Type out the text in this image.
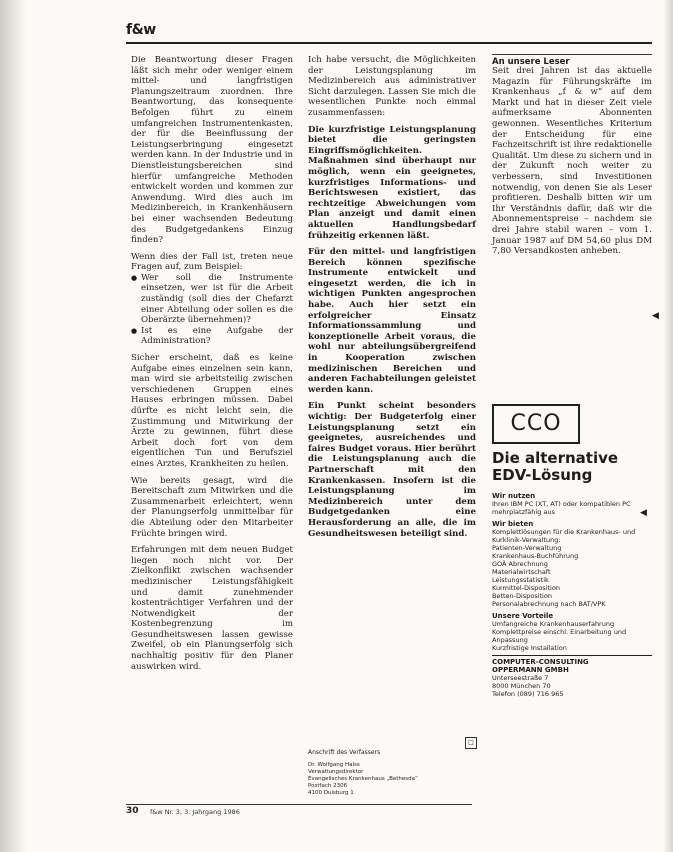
f&w

Die Beantwortung dieser Fragen läßt sich mehr oder weniger einem mittel- und langfristigen Planungszeitraum zuordnen. Ihre Beantwortung, das konsequente Befolgen führt zu einem umfangreichen Instrumentenkasten, der für die Beeinflussung der Leistungserbringung eingesetzt werden kann. In der Industrie und in Dienstleistungsbereichen sind hierfür umfangreiche Methoden entwickelt worden und kommen zur Anwendung. Wird dies auch im Medizinbereich, in Krankenhäusern bei einer wachsenden Bedeutung des Budgetgedankens Einzug finden?

Wenn dies der Fall ist, treten neue Fragen auf, zum Beispiel:

● Wer soll die Instrumente einsetzen, wer ist für die Arbeit zuständig (soll dies der Chefarzt einer Abteilung oder sollen es die Oberärzte übernehmen)?
● Ist es eine Aufgabe der Administration?

Sicher erscheint, daß es keine Aufgabe eines einzelnen sein kann, man wird sie arbeitsteilig zwischen verschiedenen Gruppen eines Hauses erbringen müssen. Dabei dürfte es nicht leicht sein, die Zustimmung und Mitwirkung der Ärzte zu gewinnen, führt diese Arbeit doch fort von dem eigentlichen Tun und Berufsziel eines Arztes, Krankheiten zu heilen.

Wie bereits gesagt, wird die Bereitschaft zum Mitwirken und die Zusammenarbeit erleichtert, wenn der Planungserfolg unmittelbar für die Abteilung oder den Mitarbeiter Früchte bringen wird.

Erfahrungen mit dem neuen Budget liegen noch nicht vor. Der Zielkonflikt zwischen wachsender medizinischer Leistungsfähigkeit und damit zunehmender kostenträchtiger Verfahren und der Notwendigkeit der Kostenbegrenzung im Gesundheitswesen lassen gewisse Zweifel, ob ein Planungserfolg sich nachhaltig positiv für den Planer auswirken wird.

Ich habe versucht, die Möglichkeiten der Leistungsplanung im Medizinbereich aus administrativer Sicht darzulegen. Lassen Sie mich die wesentlichen Punkte noch einmal zusammenfassen:

Die kurzfristige Leistungsplanung bietet die geringsten Eingriffsmöglichkeiten. Maßnahmen sind überhaupt nur möglich, wenn ein geeignetes, kurzfristiges Informations- und Berichtswesen existiert, das rechtzeitige Abweichungen vom Plan anzeigt und damit einen aktuellen Handlungsbedarf frühzeitig erkennen läßt.

Für den mittel- und langfristigen Bereich können spezifische Instrumente entwickelt und eingesetzt werden, die ich in wichtigen Punkten angesprochen habe. Auch hier setzt ein erfolgreicher Einsatz Informationssammlung und konzeptionelle Arbeit voraus, die wohl nur abteilungsübergreifend in Kooperation zwischen medizinischen Bereichen und anderen Fachabteilungen geleistet werden kann.

Ein Punkt scheint besonders wichtig: Der Budgeterfolg einer Leistungsplanung setzt ein geeignetes, ausreichendes und faires Budget voraus. Hier berührt die Leistungsplanung auch die Partnerschaft mit den Krankenkassen. Insofern ist die Leistungsplanung im Medizinbereich unter dem Budgetgedanken eine Herausforderung an alle, die im Gesundheitswesen beteiligt sind.

An unsere Leser

Seit drei Jahren ist das aktuelle Magazin für Führungskräfte im Krankenhaus „f & w“ auf dem Markt und hat in dieser Zeit viele aufmerksame Abonnenten gewonnen. Wesentliches Kriterium der Entscheidung für eine Fachzeitschrift ist ihre redaktionelle Qualität. Um diese zu sichern und in der Zukunft noch weiter zu verbessern, sind Investitionen notwendig, von denen Sie als Leser profitieren. Deshalb bitten wir um Ihr Verständnis dafür, daß wir die Abonnementspreise – nachdem sie drei Jahre stabil waren – vom 1. Januar 1987 auf DM 54,60 plus DM 7,80 Versandkosten anheben.

CCO
Die alternative
EDV-Lösung
Wir nutzen
Ihren IBM PC (XT, AT) oder kompatiblen PC mehrplatzfähig aus
Wir bieten
Komplettlösungen für die Krankenhaus- und Kurklinik-Verwaltung:
Patienten-Verwaltung
Krankenhaus-Buchführung
GOÄ Abrechnung
Materialwirtschaft
Leistungsstatistik
Kurmittel-Disposition
Betten-Disposition
Personalabrechnung nach BAT/VPK
Unsere Vorteile
Umfangreiche Krankenhauserfahrung
Komplettpreise einschl. Einarbeitung und Anpassung
Kurzfristige Installation
COMPUTER-CONSULTING
OPPERMANN GMBH
Unterseestraße 7
8000 München 70
Telefon (089) 716 965
Anschrift des Verfassers
Dr. Wolfgang Halss
Verwaltungsdirektor
Evangelisches Krankenhaus „Bethesda“
Postfach 2306
4100 Duisburg 1
□
◀
◀
30 f&w Nr. 3, 3. Jahrgang 1986
